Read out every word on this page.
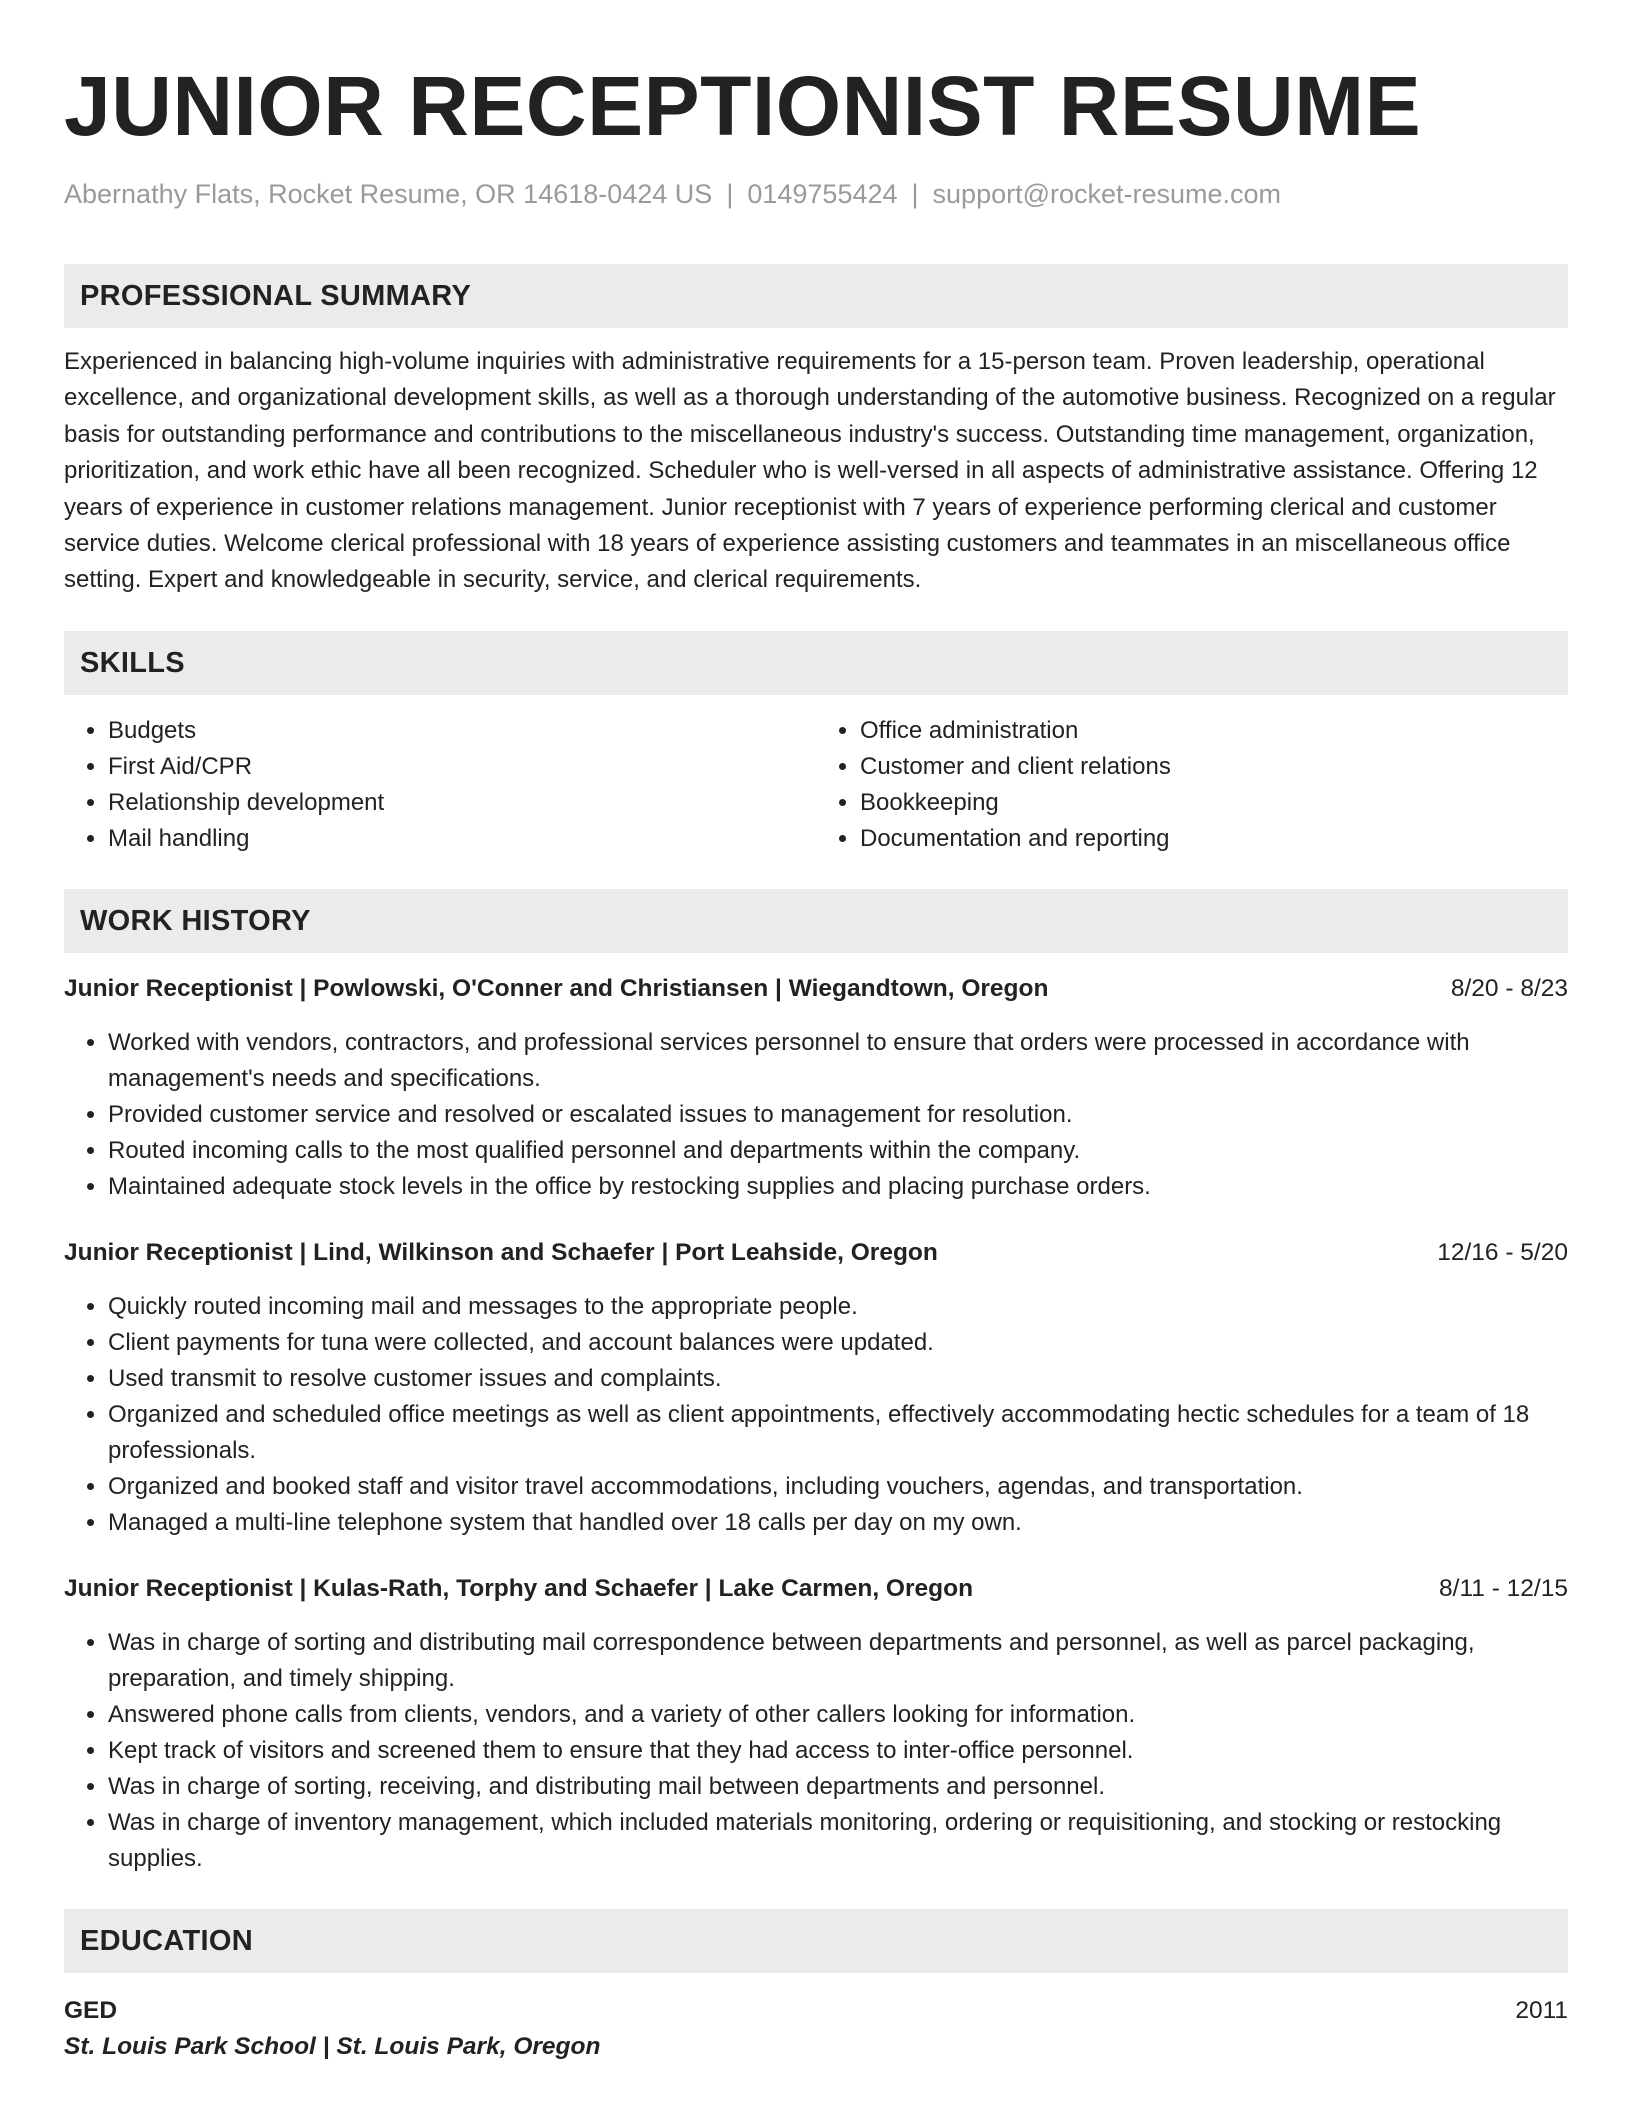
JUNIOR RECEPTIONIST RESUME
Abernathy Flats, Rocket Resume, OR 14618-0424 US | 0149755424 | support@rocket-resume.com
PROFESSIONAL SUMMARY

Experienced in balancing high-volume inquiries with administrative requirements for a 15-person team. Proven leadership, operational excellence, and organizational development skills, as well as a thorough understanding of the automotive business. Recognized on a regular basis for outstanding performance and contributions to the miscellaneous industry's success. Outstanding time management, organization, prioritization, and work ethic have all been recognized. Scheduler who is well-versed in all aspects of administrative assistance. Offering 12 years of experience in customer relations management. Junior receptionist with 7 years of experience performing clerical and customer service duties. Welcome clerical professional with 18 years of experience assisting customers and teammates in an miscellaneous office setting. Expert and knowledgeable in security, service, and clerical requirements.

SKILLS
• Budgets
• First Aid/CPR
• Relationship development
• Mail handling
• Office administration
• Customer and client relations
• Bookkeeping
• Documentation and reporting
WORK HISTORY
Junior Receptionist | Powlowski, O'Conner and Christiansen | Wiegandtown, Oregon	8/20 - 8/23
• Worked with vendors, contractors, and professional services personnel to ensure that orders were processed in accordance with management's needs and specifications.
• Provided customer service and resolved or escalated issues to management for resolution.
• Routed incoming calls to the most qualified personnel and departments within the company.
• Maintained adequate stock levels in the office by restocking supplies and placing purchase orders.
Junior Receptionist | Lind, Wilkinson and Schaefer | Port Leahside, Oregon	12/16 - 5/20
• Quickly routed incoming mail and messages to the appropriate people.
• Client payments for tuna were collected, and account balances were updated.
• Used transmit to resolve customer issues and complaints.
• Organized and scheduled office meetings as well as client appointments, effectively accommodating hectic schedules for a team of 18 professionals.
• Organized and booked staff and visitor travel accommodations, including vouchers, agendas, and transportation.
• Managed a multi-line telephone system that handled over 18 calls per day on my own.
Junior Receptionist | Kulas-Rath, Torphy and Schaefer | Lake Carmen, Oregon	8/11 - 12/15
• Was in charge of sorting and distributing mail correspondence between departments and personnel, as well as parcel packaging, preparation, and timely shipping.
• Answered phone calls from clients, vendors, and a variety of other callers looking for information.
• Kept track of visitors and screened them to ensure that they had access to inter-office personnel.
• Was in charge of sorting, receiving, and distributing mail between departments and personnel.
• Was in charge of inventory management, which included materials monitoring, ordering or requisitioning, and stocking or restocking supplies.
EDUCATION
GED	2011
St. Louis Park School | St. Louis Park, Oregon
